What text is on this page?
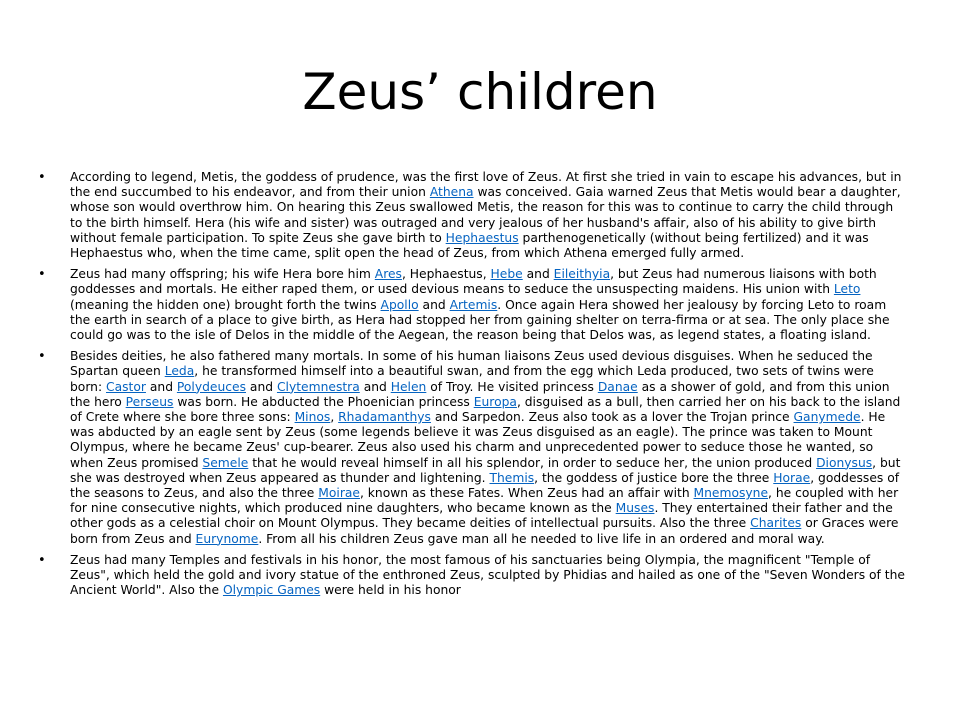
Zeus’ children
• According to legend, Metis, the goddess of prudence, was the first love of Zeus. At first she tried in vain to escape his advances, but in the end succumbed to his endeavor, and from their union Athena was conceived. Gaia warned Zeus that Metis would bear a daughter, whose son would overthrow him. On hearing this Zeus swallowed Metis, the reason for this was to continue to carry the child through to the birth himself. Hera (his wife and sister) was outraged and very jealous of her husband's affair, also of his ability to give birth without female participation. To spite Zeus she gave birth to Hephaestus parthenogenetically (without being fertilized) and it was Hephaestus who, when the time came, split open the head of Zeus, from which Athena emerged fully armed.
• Zeus had many offspring; his wife Hera bore him Ares, Hephaestus, Hebe and Eileithyia, but Zeus had numerous liaisons with both goddesses and mortals. He either raped them, or used devious means to seduce the unsuspecting maidens. His union with Leto (meaning the hidden one) brought forth the twins Apollo and Artemis. Once again Hera showed her jealousy by forcing Leto to roam the earth in search of a place to give birth, as Hera had stopped her from gaining shelter on terra-firma or at sea. The only place she could go was to the isle of Delos in the middle of the Aegean, the reason being that Delos was, as legend states, a floating island.
• Besides deities, he also fathered many mortals. In some of his human liaisons Zeus used devious disguises. When he seduced the Spartan queen Leda, he transformed himself into a beautiful swan, and from the egg which Leda produced, two sets of twins were born: Castor and Polydeuces and Clytemnestra and Helen of Troy. He visited princess Danae as a shower of gold, and from this union the hero Perseus was born. He abducted the Phoenician princess Europa, disguised as a bull, then carried her on his back to the island of Crete where she bore three sons: Minos, Rhadamanthys and Sarpedon. Zeus also took as a lover the Trojan prince Ganymede. He was abducted by an eagle sent by Zeus (some legends believe it was Zeus disguised as an eagle). The prince was taken to Mount Olympus, where he became Zeus' cup-bearer. Zeus also used his charm and unprecedented power to seduce those he wanted, so when Zeus promised Semele that he would reveal himself in all his splendor, in order to seduce her, the union produced Dionysus, but she was destroyed when Zeus appeared as thunder and lightening. Themis, the goddess of justice bore the three Horae, goddesses of the seasons to Zeus, and also the three Moirae, known as these Fates. When Zeus had an affair with Mnemosyne, he coupled with her for nine consecutive nights, which produced nine daughters, who became known as the Muses. They entertained their father and the other gods as a celestial choir on Mount Olympus. They became deities of intellectual pursuits. Also the three Charites or Graces were born from Zeus and Eurynome. From all his children Zeus gave man all he needed to live life in an ordered and moral way.
• Zeus had many Temples and festivals in his honor, the most famous of his sanctuaries being Olympia, the magnificent "Temple of Zeus", which held the gold and ivory statue of the enthroned Zeus, sculpted by Phidias and hailed as one of the "Seven Wonders of the Ancient World". Also the Olympic Games were held in his honor
